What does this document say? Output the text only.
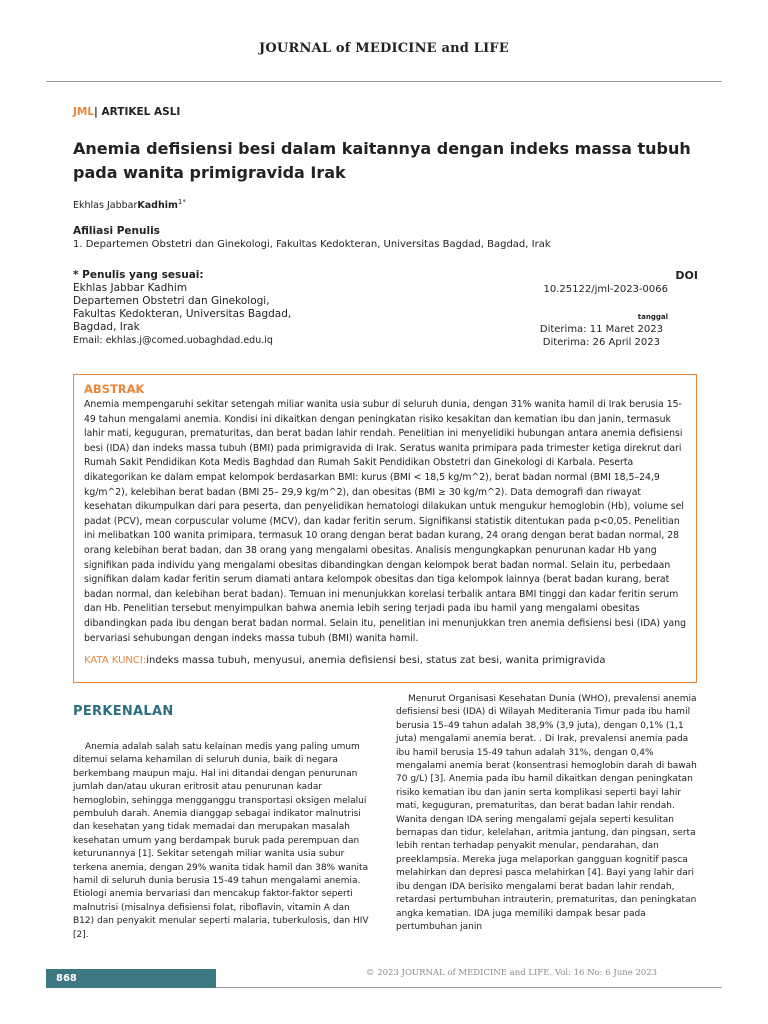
JOURNAL of MEDICINE and LIFE
JML| ARTIKEL ASLI
Anemia defisiensi besi dalam kaitannya dengan indeks massa tubuh pada wanita primigravida Irak
Ekhlas JabbarKadhim$^{1*}$
Afiliasi Penulis
1. Departemen Obstetri dan Ginekologi, Fakultas Kedokteran, Universitas Bagdad, Bagdad, Irak
* Penulis yang sesuai:
Ekhlas Jabbar Kadhim
Departemen Obstetri dan Ginekologi,
Fakultas Kedokteran, Universitas Bagdad,
Bagdad, Irak
Email: ekhlas.j@comed.uobaghdad.edu.iq
DOI
10.25122/jml-2023-0066
tanggal
Diterima: 11 Maret 2023
Diterima: 26 April 2023
ABSTRAK

Anemia mempengaruhi sekitar setengah miliar wanita usia subur di seluruh dunia, dengan 31% wanita hamil di Irak berusia 15-49 tahun mengalami anemia. Kondisi ini dikaitkan dengan peningkatan risiko kesakitan dan kematian ibu dan janin, termasuk lahir mati, keguguran, prematuritas, dan berat badan lahir rendah. Penelitian ini menyelidiki hubungan antara anemia defisiensi besi (IDA) dan indeks massa tubuh (BMI) pada primigravida di Irak. Seratus wanita primipara pada trimester ketiga direkrut dari Rumah Sakit Pendidikan Kota Medis Baghdad dan Rumah Sakit Pendidikan Obstetri dan Ginekologi di Karbala. Peserta dikategorikan ke dalam empat kelompok berdasarkan BMI: kurus (BMI < 18,5 kg/m^2), berat badan normal (BMI 18,5–24,9 kg/m^2), kelebihan berat badan (BMI 25– 29,9 kg/m^2), dan obesitas (BMI ≥ 30 kg/m^2). Data demografi dan riwayat kesehatan dikumpulkan dari para peserta, dan penyelidikan hematologi dilakukan untuk mengukur hemoglobin (Hb), volume sel padat (PCV), mean corpuscular volume (MCV), dan kadar feritin serum. Signifikansi statistik ditentukan pada p<0,05. Penelitian ini melibatkan 100 wanita primipara, termasuk 10 orang dengan berat badan kurang, 24 orang dengan berat badan normal, 28 orang kelebihan berat badan, dan 38 orang yang mengalami obesitas. Analisis mengungkapkan penurunan kadar Hb yang signifikan pada individu yang mengalami obesitas dibandingkan dengan kelompok berat badan normal. Selain itu, perbedaan signifikan dalam kadar feritin serum diamati antara kelompok obesitas dan tiga kelompok lainnya (berat badan kurang, berat badan normal, dan kelebihan berat badan). Temuan ini menunjukkan korelasi terbalik antara BMI tinggi dan kadar feritin serum dan Hb. Penelitian tersebut menyimpulkan bahwa anemia lebih sering terjadi pada ibu hamil yang mengalami obesitas dibandingkan pada ibu dengan berat badan normal. Selain itu, penelitian ini menunjukkan tren anemia defisiensi besi (IDA) yang bervariasi sehubungan dengan indeks massa tubuh (BMI) wanita hamil.

KATA KUNCI:indeks massa tubuh, menyusui, anemia defisiensi besi, status zat besi, wanita primigravida
PERKENALAN

Anemia adalah salah satu kelainan medis yang paling umum ditemui selama kehamilan di seluruh dunia, baik di negara berkembang maupun maju. Hal ini ditandai dengan penurunan jumlah dan/atau ukuran eritrosit atau penurunan kadar hemoglobin, sehingga mengganggu transportasi oksigen melalui pembuluh darah. Anemia dianggap sebagai indikator malnutrisi dan kesehatan yang tidak memadai dan merupakan masalah kesehatan umum yang berdampak buruk pada perempuan dan keturunannya [1]. Sekitar setengah miliar wanita usia subur terkena anemia, dengan 29% wanita tidak hamil dan 38% wanita hamil di seluruh dunia berusia 15-49 tahun mengalami anemia. Etiologi anemia bervariasi dan mencakup faktor-faktor seperti malnutrisi (misalnya defisiensi folat, riboflavin, vitamin A dan B12) dan penyakit menular seperti malaria, tuberkulosis, dan HIV [2].

Menurut Organisasi Kesehatan Dunia (WHO), prevalensi anemia defisiensi besi (IDA) di Wilayah Mediterania Timur pada ibu hamil berusia 15–49 tahun adalah 38,9% (3,9 juta), dengan 0,1% (1,1 juta) mengalami anemia berat. . Di Irak, prevalensi anemia pada ibu hamil berusia 15-49 tahun adalah 31%, dengan 0,4% mengalami anemia berat (konsentrasi hemoglobin darah di bawah 70 g/L) [3]. Anemia pada ibu hamil dikaitkan dengan peningkatan risiko kematian ibu dan janin serta komplikasi seperti bayi lahir mati, keguguran, prematuritas, dan berat badan lahir rendah. Wanita dengan IDA sering mengalami gejala seperti kesulitan bernapas dan tidur, kelelahan, aritmia jantung, dan pingsan, serta lebih rentan terhadap penyakit menular, pendarahan, dan preeklampsia. Mereka juga melaporkan gangguan kognitif pasca melahirkan dan depresi pasca melahirkan [4]. Bayi yang lahir dari ibu dengan IDA berisiko mengalami berat badan lahir rendah, retardasi pertumbuhan intrauterin, prematuritas, dan peningkatan angka kematian. IDA juga memiliki dampak besar pada pertumbuhan janin

868	© 2023 JOURNAL of MEDICINE and LIFE. Vol: 16 No: 6 June 2023
